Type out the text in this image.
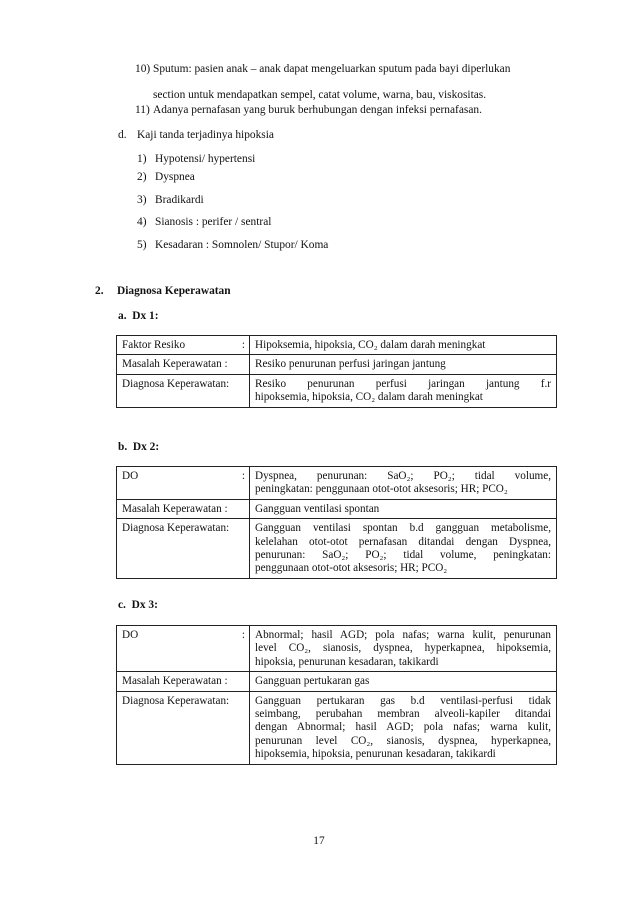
10) Sputum: pasien anak – anak dapat mengeluarkan sputum pada bayi diperlukan
section untuk mendapatkan sempel, catat volume, warna, bau, viskositas.
11) Adanya pernafasan yang buruk berhubungan dengan infeksi pernafasan.
d. Kaji tanda terjadinya hipoksia
1) Hypotensi/ hypertensi
2) Dyspnea
3) Bradikardi
4) Sianosis : perifer / sentral
5) Kesadaran : Somnolen/ Stupor/ Koma
2. Diagnosa Keperawatan
a.  Dx 1:
Faktor Resiko :	Hipoksemia, hipoksia, CO₂ dalam darah meningkat

Masalah Keperawatan :	Resiko penurunan perfusi jaringan jantung

Diagnosa Keperawatan:	Resiko penurunan perfusi jaringan jantung f.r
hipoksemia, hipoksia, CO₂ dalam darah meningkat
b.  Dx 2:
DO :	Dyspnea, penurunan: SaO₂; PO₂; tidal volume,
peningkatan: penggunaan otot-otot aksesoris; HR; PCO₂

Masalah Keperawatan :	Gangguan ventilasi spontan

Diagnosa Keperawatan:	Gangguan ventilasi spontan b.d gangguan metabolisme,
kelelahan otot-otot pernafasan ditandai dengan Dyspnea,
penurunan: SaO₂; PO₂; tidal volume, peningkatan:
penggunaan otot-otot aksesoris; HR; PCO₂
c.  Dx 3:
DO :	Abnormal; hasil AGD; pola nafas; warna kulit, penurunan
level CO₂, sianosis, dyspnea, hyperkapnea, hipoksemia,
hipoksia, penurunan kesadaran, takikardi

Masalah Keperawatan :	Gangguan pertukaran gas

Diagnosa Keperawatan:	Gangguan pertukaran gas b.d ventilasi-perfusi tidak
seimbang, perubahan membran alveoli-kapiler ditandai
dengan Abnormal; hasil AGD; pola nafas; warna kulit,
penurunan level CO₂, sianosis, dyspnea, hyperkapnea,
hipoksemia, hipoksia, penurunan kesadaran, takikardi
17
